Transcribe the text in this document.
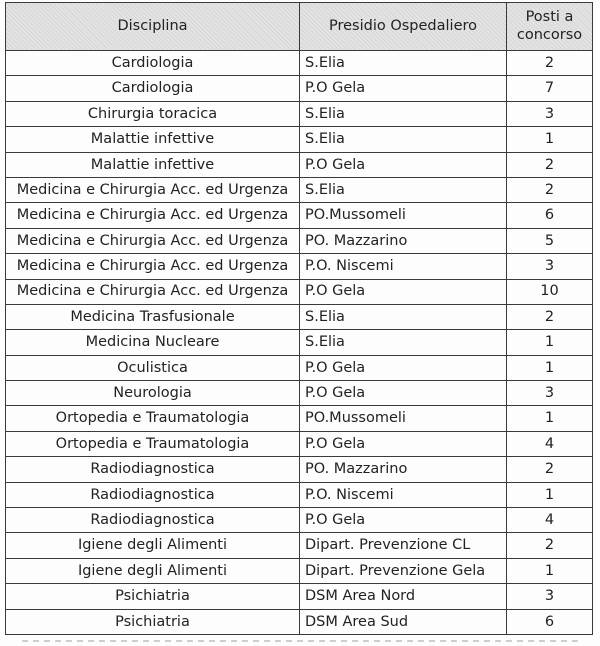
Disciplina	Presidio Ospedaliero	Posti a
concorso
Cardiologia	S.Elia	2
Cardiologia	P.O Gela	7
Chirurgia toracica	S.Elia	3
Malattie infettive	S.Elia	1
Malattie infettive	P.O Gela	2
Medicina e Chirurgia Acc. ed Urgenza	S.Elia	2
Medicina e Chirurgia Acc. ed Urgenza	PO.Mussomeli	6
Medicina e Chirurgia Acc. ed Urgenza	PO. Mazzarino	5
Medicina e Chirurgia Acc. ed Urgenza	P.O. Niscemi	3
Medicina e Chirurgia Acc. ed Urgenza	P.O Gela	10
Medicina Trasfusionale	S.Elia	2
Medicina Nucleare	S.Elia	1
Oculistica	P.O Gela	1
Neurologia	P.O Gela	3
Ortopedia e Traumatologia	PO.Mussomeli	1
Ortopedia e Traumatologia	P.O Gela	4
Radiodiagnostica	PO. Mazzarino	2
Radiodiagnostica	P.O. Niscemi	1
Radiodiagnostica	P.O Gela	4
Igiene degli Alimenti	Dipart. Prevenzione CL	2
Igiene degli Alimenti	Dipart. Prevenzione Gela	1
Psichiatria	DSM Area Nord	3
Psichiatria	DSM Area Sud	6
